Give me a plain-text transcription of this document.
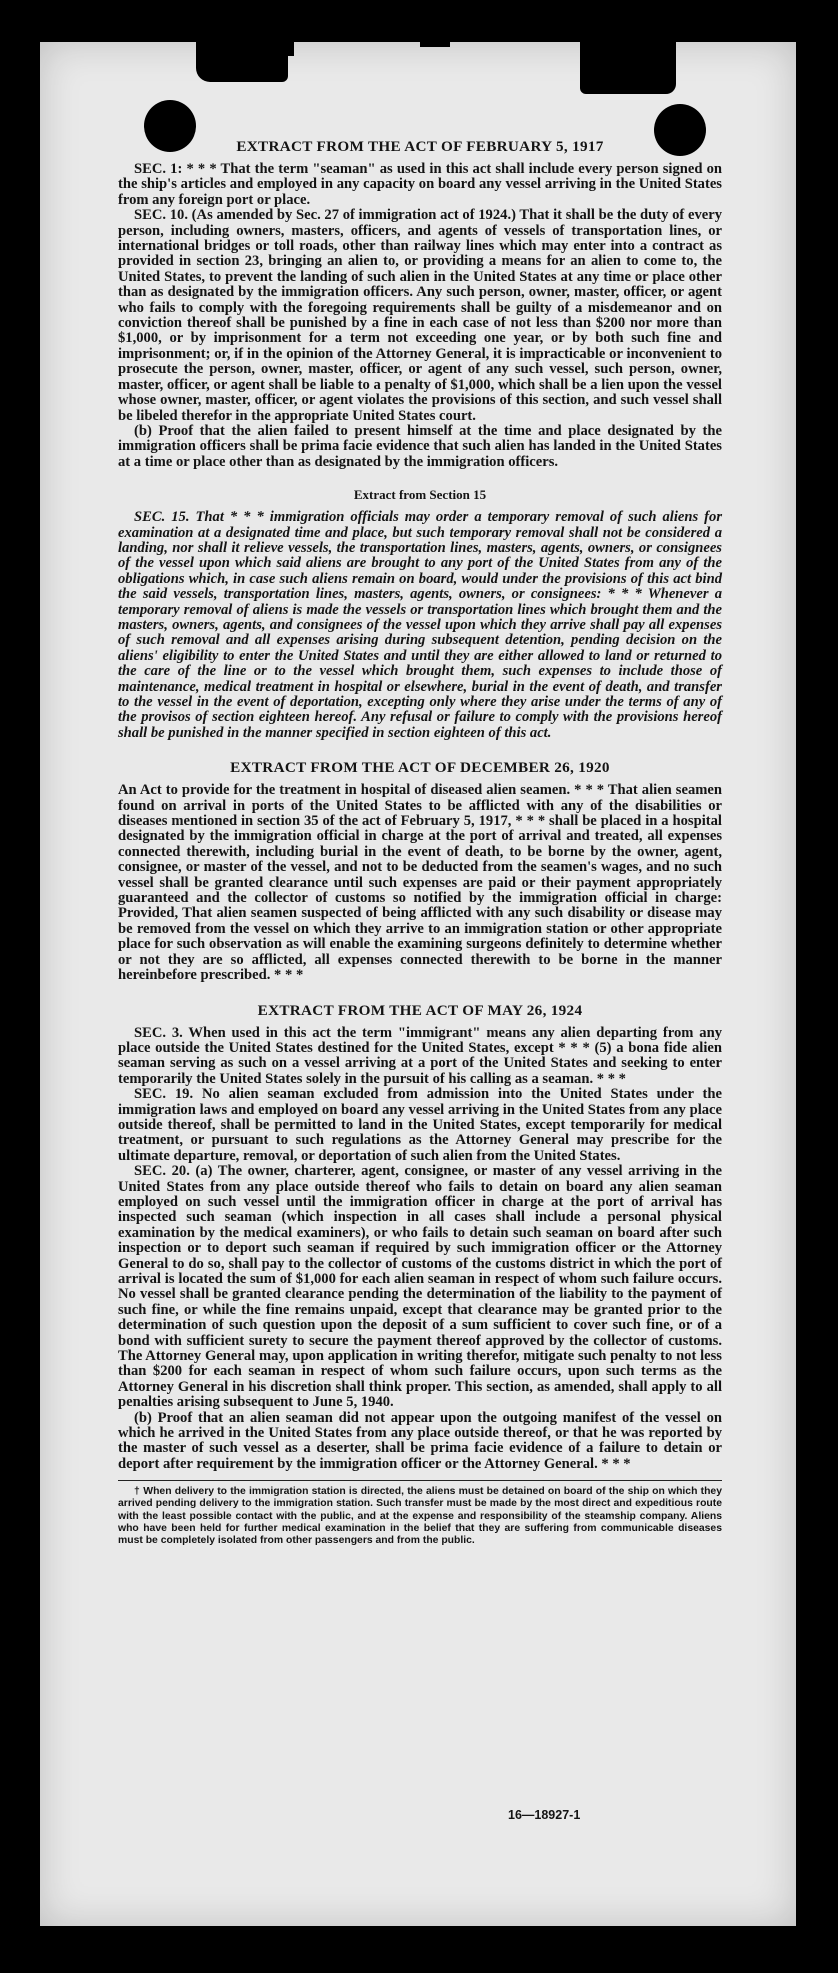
EXTRACT FROM THE ACT OF FEBRUARY 5, 1917

SEC. 1: * * * That the term "seaman" as used in this act shall include every person signed on the ship's articles and employed in any capacity on board any vessel arriving in the United States from any foreign port or place.

SEC. 10. (As amended by Sec. 27 of immigration act of 1924.) That it shall be the duty of every person, including owners, masters, officers, and agents of vessels of transportation lines, or international bridges or toll roads, other than railway lines which may enter into a contract as provided in section 23, bringing an alien to, or providing a means for an alien to come to, the United States, to prevent the landing of such alien in the United States at any time or place other than as designated by the immigration officers. Any such person, owner, master, officer, or agent who fails to comply with the foregoing requirements shall be guilty of a misdemeanor and on conviction thereof shall be punished by a fine in each case of not less than $200 nor more than $1,000, or by imprisonment for a term not exceeding one year, or by both such fine and imprisonment; or, if in the opinion of the Attorney General, it is impracticable or inconvenient to prosecute the person, owner, master, officer, or agent of any such vessel, such person, owner, master, officer, or agent shall be liable to a penalty of $1,000, which shall be a lien upon the vessel whose owner, master, officer, or agent violates the provisions of this section, and such vessel shall be libeled therefor in the appropriate United States court.

(b) Proof that the alien failed to present himself at the time and place designated by the immigration officers shall be prima facie evidence that such alien has landed in the United States at a time or place other than as designated by the immigration officers.

Extract from Section 15

SEC. 15. That * * * immigration officials may order a temporary removal of such aliens for examination at a designated time and place, but such temporary removal shall not be considered a landing, nor shall it relieve vessels, the transportation lines, masters, agents, owners, or consignees of the vessel upon which said aliens are brought to any port of the United States from any of the obligations which, in case such aliens remain on board, would under the provisions of this act bind the said vessels, transportation lines, masters, agents, owners, or consignees: * * * Whenever a temporary removal of aliens is made the vessels or transportation lines which brought them and the masters, owners, agents, and consignees of the vessel upon which they arrive shall pay all expenses of such removal and all expenses arising during subsequent detention, pending decision on the aliens' eligibility to enter the United States and until they are either allowed to land or returned to the care of the line or to the vessel which brought them, such expenses to include those of maintenance, medical treatment in hospital or elsewhere, burial in the event of death, and transfer to the vessel in the event of deportation, excepting only where they arise under the terms of any of the provisos of section eighteen hereof. Any refusal or failure to comply with the provisions hereof shall be punished in the manner specified in section eighteen of this act.

EXTRACT FROM THE ACT OF DECEMBER 26, 1920

An Act to provide for the treatment in hospital of diseased alien seamen. * * * That alien seamen found on arrival in ports of the United States to be afflicted with any of the disabilities or diseases mentioned in section 35 of the act of February 5, 1917, * * * shall be placed in a hospital designated by the immigration official in charge at the port of arrival and treated, all expenses connected therewith, including burial in the event of death, to be borne by the owner, agent, consignee, or master of the vessel, and not to be deducted from the seamen's wages, and no such vessel shall be granted clearance until such expenses are paid or their payment appropriately guaranteed and the collector of customs so notified by the immigration official in charge: Provided, That alien seamen suspected of being afflicted with any such disability or disease may be removed from the vessel on which they arrive to an immigration station or other appropriate place for such observation as will enable the examining surgeons definitely to determine whether or not they are so afflicted, all expenses connected therewith to be borne in the manner hereinbefore prescribed. * * *

EXTRACT FROM THE ACT OF MAY 26, 1924

SEC. 3. When used in this act the term "immigrant" means any alien departing from any place outside the United States destined for the United States, except * * * (5) a bona fide alien seaman serving as such on a vessel arriving at a port of the United States and seeking to enter temporarily the United States solely in the pursuit of his calling as a seaman. * * *

SEC. 19. No alien seaman excluded from admission into the United States under the immigration laws and employed on board any vessel arriving in the United States from any place outside thereof, shall be permitted to land in the United States, except temporarily for medical treatment, or pursuant to such regulations as the Attorney General may prescribe for the ultimate departure, removal, or deportation of such alien from the United States.

SEC. 20. (a) The owner, charterer, agent, consignee, or master of any vessel arriving in the United States from any place outside thereof who fails to detain on board any alien seaman employed on such vessel until the immigration officer in charge at the port of arrival has inspected such seaman (which inspection in all cases shall include a personal physical examination by the medical examiners), or who fails to detain such seaman on board after such inspection or to deport such seaman if required by such immigration officer or the Attorney General to do so, shall pay to the collector of customs of the customs district in which the port of arrival is located the sum of $1,000 for each alien seaman in respect of whom such failure occurs. No vessel shall be granted clearance pending the determination of the liability to the payment of such fine, or while the fine remains unpaid, except that clearance may be granted prior to the determination of such question upon the deposit of a sum sufficient to cover such fine, or of a bond with sufficient surety to secure the payment thereof approved by the collector of customs. The Attorney General may, upon application in writing therefor, mitigate such penalty to not less than $200 for each seaman in respect of whom such failure occurs, upon such terms as the Attorney General in his discretion shall think proper. This section, as amended, shall apply to all penalties arising subsequent to June 5, 1940.

(b) Proof that an alien seaman did not appear upon the outgoing manifest of the vessel on which he arrived in the United States from any place outside thereof, or that he was reported by the master of such vessel as a deserter, shall be prima facie evidence of a failure to detain or deport after requirement by the immigration officer or the Attorney General. * * *

† When delivery to the immigration station is directed, the aliens must be detained on board of the ship on which they arrived pending delivery to the immigration station. Such transfer must be made by the most direct and expeditious route with the least possible contact with the public, and at the expense and responsibility of the steamship company. Aliens who have been held for further medical examination in the belief that they are suffering from communicable diseases must be completely isolated from other passengers and from the public.

16—18927-1
